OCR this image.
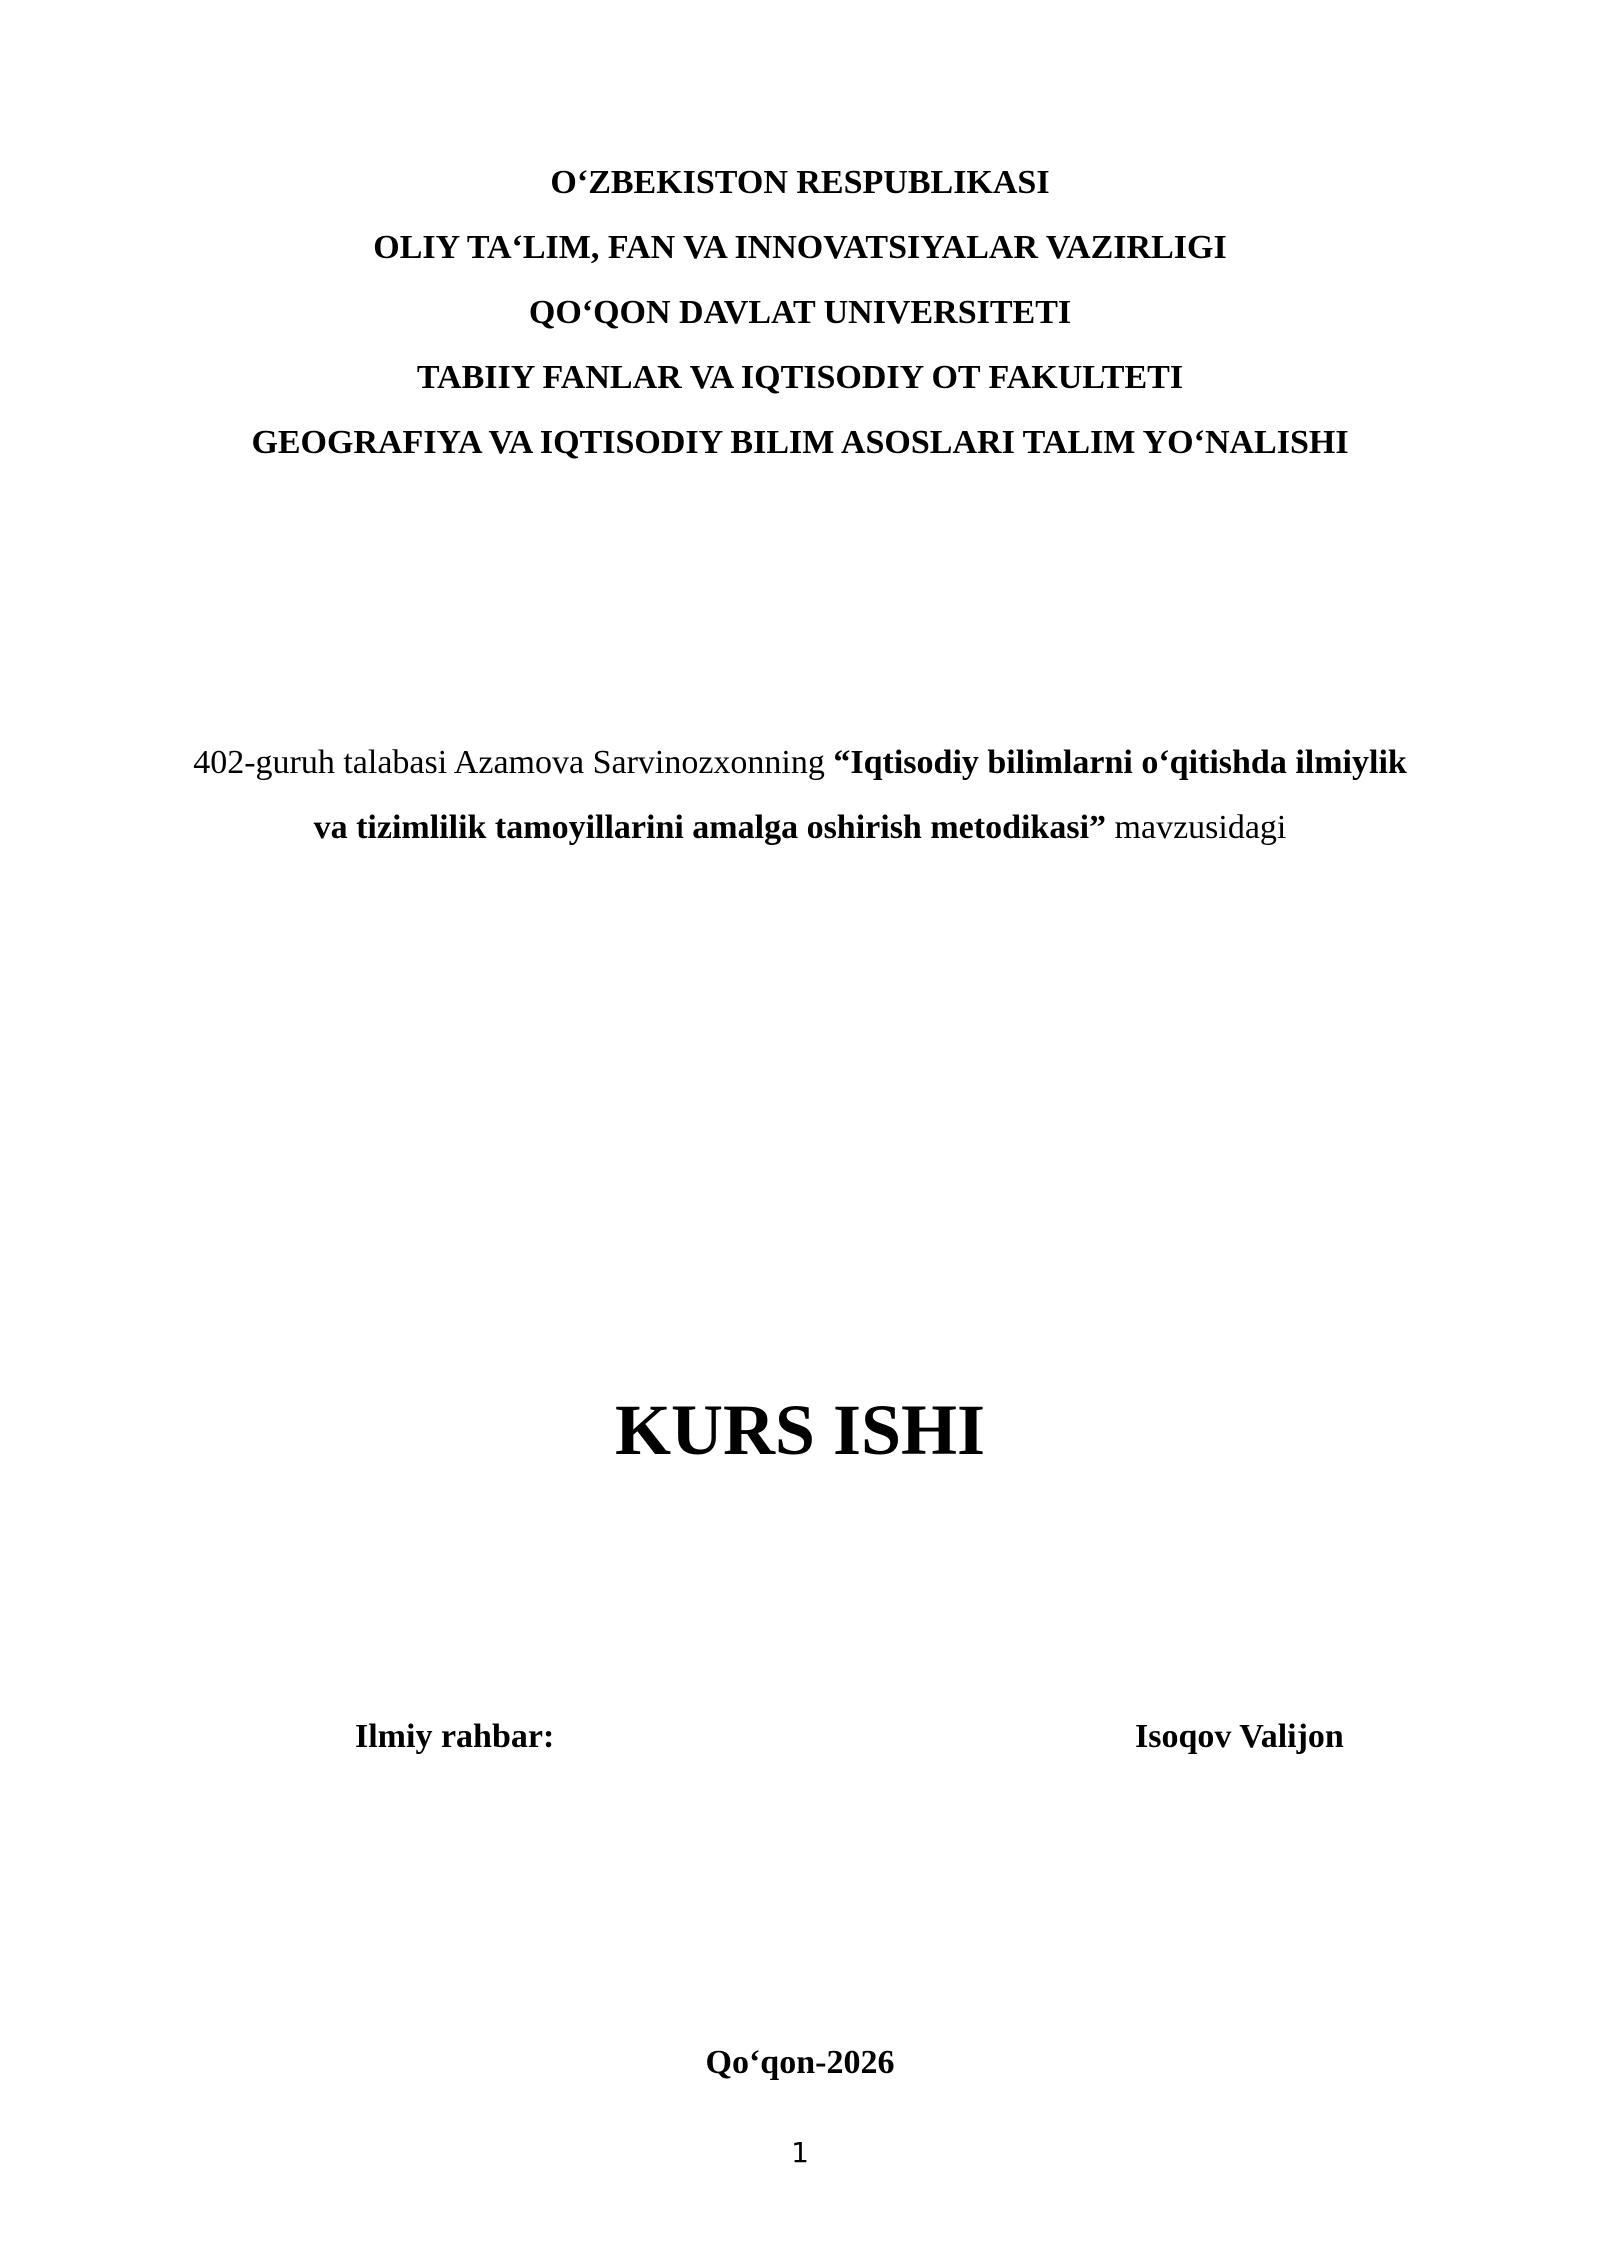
O‘ZBEKISTON RESPUBLIKASI
OLIY TA‘LIM, FAN VA INNOVATSIYALAR VAZIRLIGI
QO‘QON DAVLAT UNIVERSITETI
TABIIY FANLAR VA IQTISODIY OT FAKULTETI
GEOGRAFIYA VA IQTISODIY BILIM ASOSLARI TALIM YO‘NALISHI
402-guruh talabasi Azamova Sarvinozxonning “Iqtisodiy bilimlarni o‘qitishda ilmiylik va tizimlilik tamoyillarini amalga oshirish metodikasi” mavzusidagi
KURS ISHI
Ilmiy rahbar:	Isoqov Valijon
Qo‘qon-2026
1
